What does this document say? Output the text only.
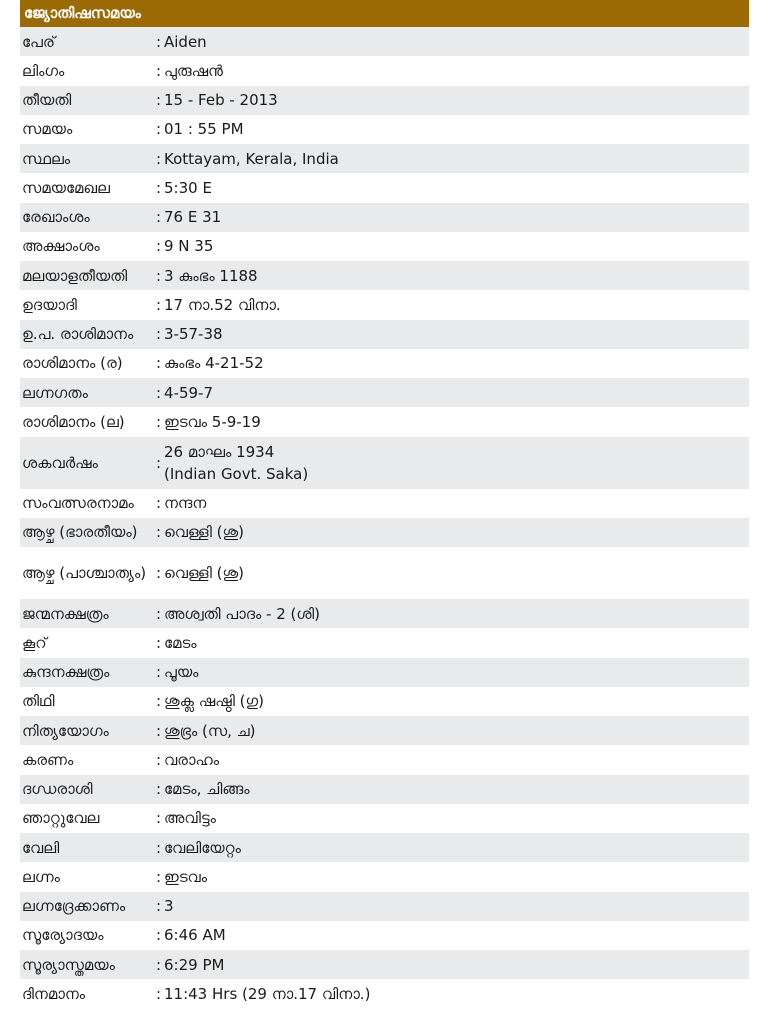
ജ്യോതിഷസമയം
പേര്	: Aiden
ലിംഗം	: പുരുഷൻ
തീയതി	: 15 - Feb - 2013
സമയം	: 01 : 55 PM
സ്ഥലം	: Kottayam, Kerala, India
സമയമേഖല	: 5:30 E
രേഖാംശം	: 76 E 31
അക്ഷാംശം	: 9 N 35
മലയാളതീയതി	: 3 കുംഭം 1188
ഉദയാദി	: 17 നാ.52 വിനാ.
ഉ.പ. രാശിമാനം	: 3-57-38
രാശിമാനം (ര)	: കുംഭം 4-21-52
ലഗ്നഗതം	: 4-59-7
രാശിമാനം (ല)	: ഇടവം 5-9-19
ശകവർഷം	:
26 മാഘം 1934
(Indian Govt. Saka)
സംവത്സരനാമം	: നന്ദന
ആഴ്ച (ഭാരതീയം)	: വെള്ളി (ശു)
ആഴ്ച (പാശ്ചാത്യം) : വെള്ളി (ശു)
ജന്മനക്ഷത്രം	: അശ്വതി പാദം - 2 (ശി)
കൂറ്	: മേടം
കുന്ദനക്ഷത്രം	: പൂയം
തിഥി	: ശുക്ല ഷഷ്ഠി (ഗു)
നിത്യയോഗം	: ശുഭ്രം (സ, ച)
കരണം	: വരാഹം
ദഗ്ധരാശി	: മേടം, ചിങ്ങം
ഞാറ്റുവേല	: അവിട്ടം
വേലി	: വേലിയേറ്റം
ലഗ്നം	: ഇടവം
ലഗ്നദ്രേക്കാണം	: 3
സൂര്യോദയം	: 6:46 AM
സൂര്യാസ്തമയം	: 6:29 PM
ദിനമാനം	: 11:43 Hrs (29 നാ.17 വിനാ.)
